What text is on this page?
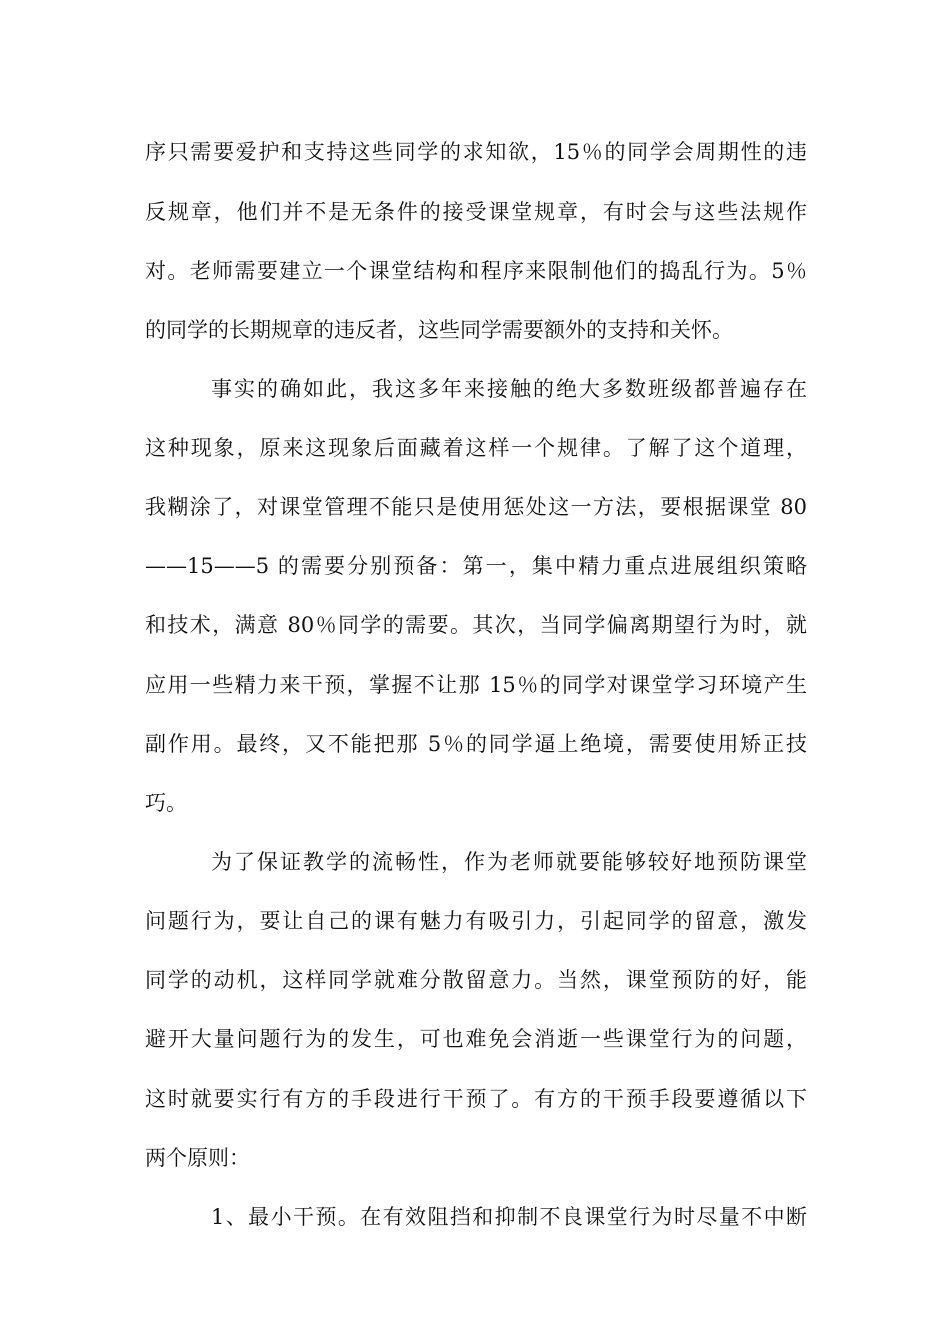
序只需要爱护和支持这些同学的求知欲，15％的同学会周期性的违
反规章，他们并不是无条件的接受课堂规章，有时会与这些法规作
对。老师需要建立一个课堂结构和程序来限制他们的捣乱行为。5％
的同学的长期规章的违反者，这些同学需要额外的支持和关怀。
事实的确如此，我这多年来接触的绝大多数班级都普遍存在
这种现象，原来这现象后面藏着这样一个规律。了解了这个道理，
我糊涂了，对课堂管理不能只是使用惩处这一方法，要根据课堂 80
——15——5 的需要分别预备：第一，集中精力重点进展组织策略
和技术，满意 80％同学的需要。其次，当同学偏离期望行为时，就
应用一些精力来干预，掌握不让那 15％的同学对课堂学习环境产生
副作用。最终，又不能把那 5％的同学逼上绝境，需要使用矫正技
巧。
为了保证教学的流畅性，作为老师就要能够较好地预防课堂
问题行为，要让自己的课有魅力有吸引力，引起同学的留意，激发
同学的动机，这样同学就难分散留意力。当然，课堂预防的好，能
避开大量问题行为的发生，可也难免会消逝一些课堂行为的问题，
这时就要实行有方的手段进行干预了。有方的干预手段要遵循以下
两个原则：
1、最小干预。在有效阻挡和抑制不良课堂行为时尽量不中断
